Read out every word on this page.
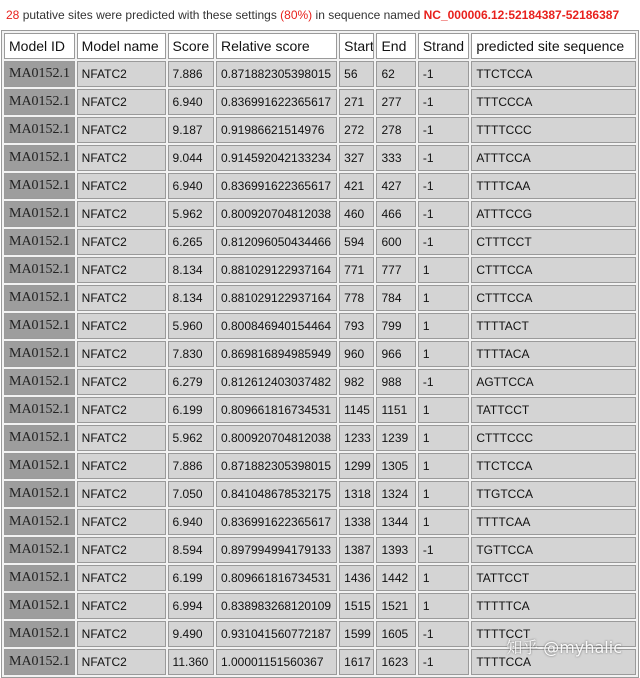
28 putative sites were predicted with these settings (80%) in sequence named NC_000006.12:52184387-52186387
Model ID	Model name	Score	Relative score	Start	End	Strand	predicted site sequence
MA0152.1	NFATC2	7.886	0.871882305398015	56	62	-1	TTCTCCA
MA0152.1	NFATC2	6.940	0.836991622365617	271	277	-1	TTTCCCA
MA0152.1	NFATC2	9.187	0.91986621514976	272	278	-1	TTTTCCC
MA0152.1	NFATC2	9.044	0.914592042133234	327	333	-1	ATTTCCA
MA0152.1	NFATC2	6.940	0.836991622365617	421	427	-1	TTTTCAA
MA0152.1	NFATC2	5.962	0.800920704812038	460	466	-1	ATTTCCG
MA0152.1	NFATC2	6.265	0.812096050434466	594	600	-1	CTTTCCT
MA0152.1	NFATC2	8.134	0.881029122937164	771	777	1	CTTTCCA
MA0152.1	NFATC2	8.134	0.881029122937164	778	784	1	CTTTCCA
MA0152.1	NFATC2	5.960	0.800846940154464	793	799	1	TTTTACT
MA0152.1	NFATC2	7.830	0.869816894985949	960	966	1	TTTTACA
MA0152.1	NFATC2	6.279	0.812612403037482	982	988	-1	AGTTCCA
MA0152.1	NFATC2	6.199	0.809661816734531	1145	1151	1	TATTCCT
MA0152.1	NFATC2	5.962	0.800920704812038	1233	1239	1	CTTTCCC
MA0152.1	NFATC2	7.886	0.871882305398015	1299	1305	1	TTCTCCA
MA0152.1	NFATC2	7.050	0.841048678532175	1318	1324	1	TTGTCCA
MA0152.1	NFATC2	6.940	0.836991622365617	1338	1344	1	TTTTCAA
MA0152.1	NFATC2	8.594	0.897994994179133	1387	1393	-1	TGTTCCA
MA0152.1	NFATC2	6.199	0.809661816734531	1436	1442	1	TATTCCT
MA0152.1	NFATC2	6.994	0.838983268120109	1515	1521	1	TTTTTCA
MA0152.1	NFATC2	9.490	0.931041560772187	1599	1605	-1	TTTTCCT
MA0152.1	NFATC2	11.360	1.00001151560367	1617	1623	-1	TTTTCCA
知乎 @myhalic
